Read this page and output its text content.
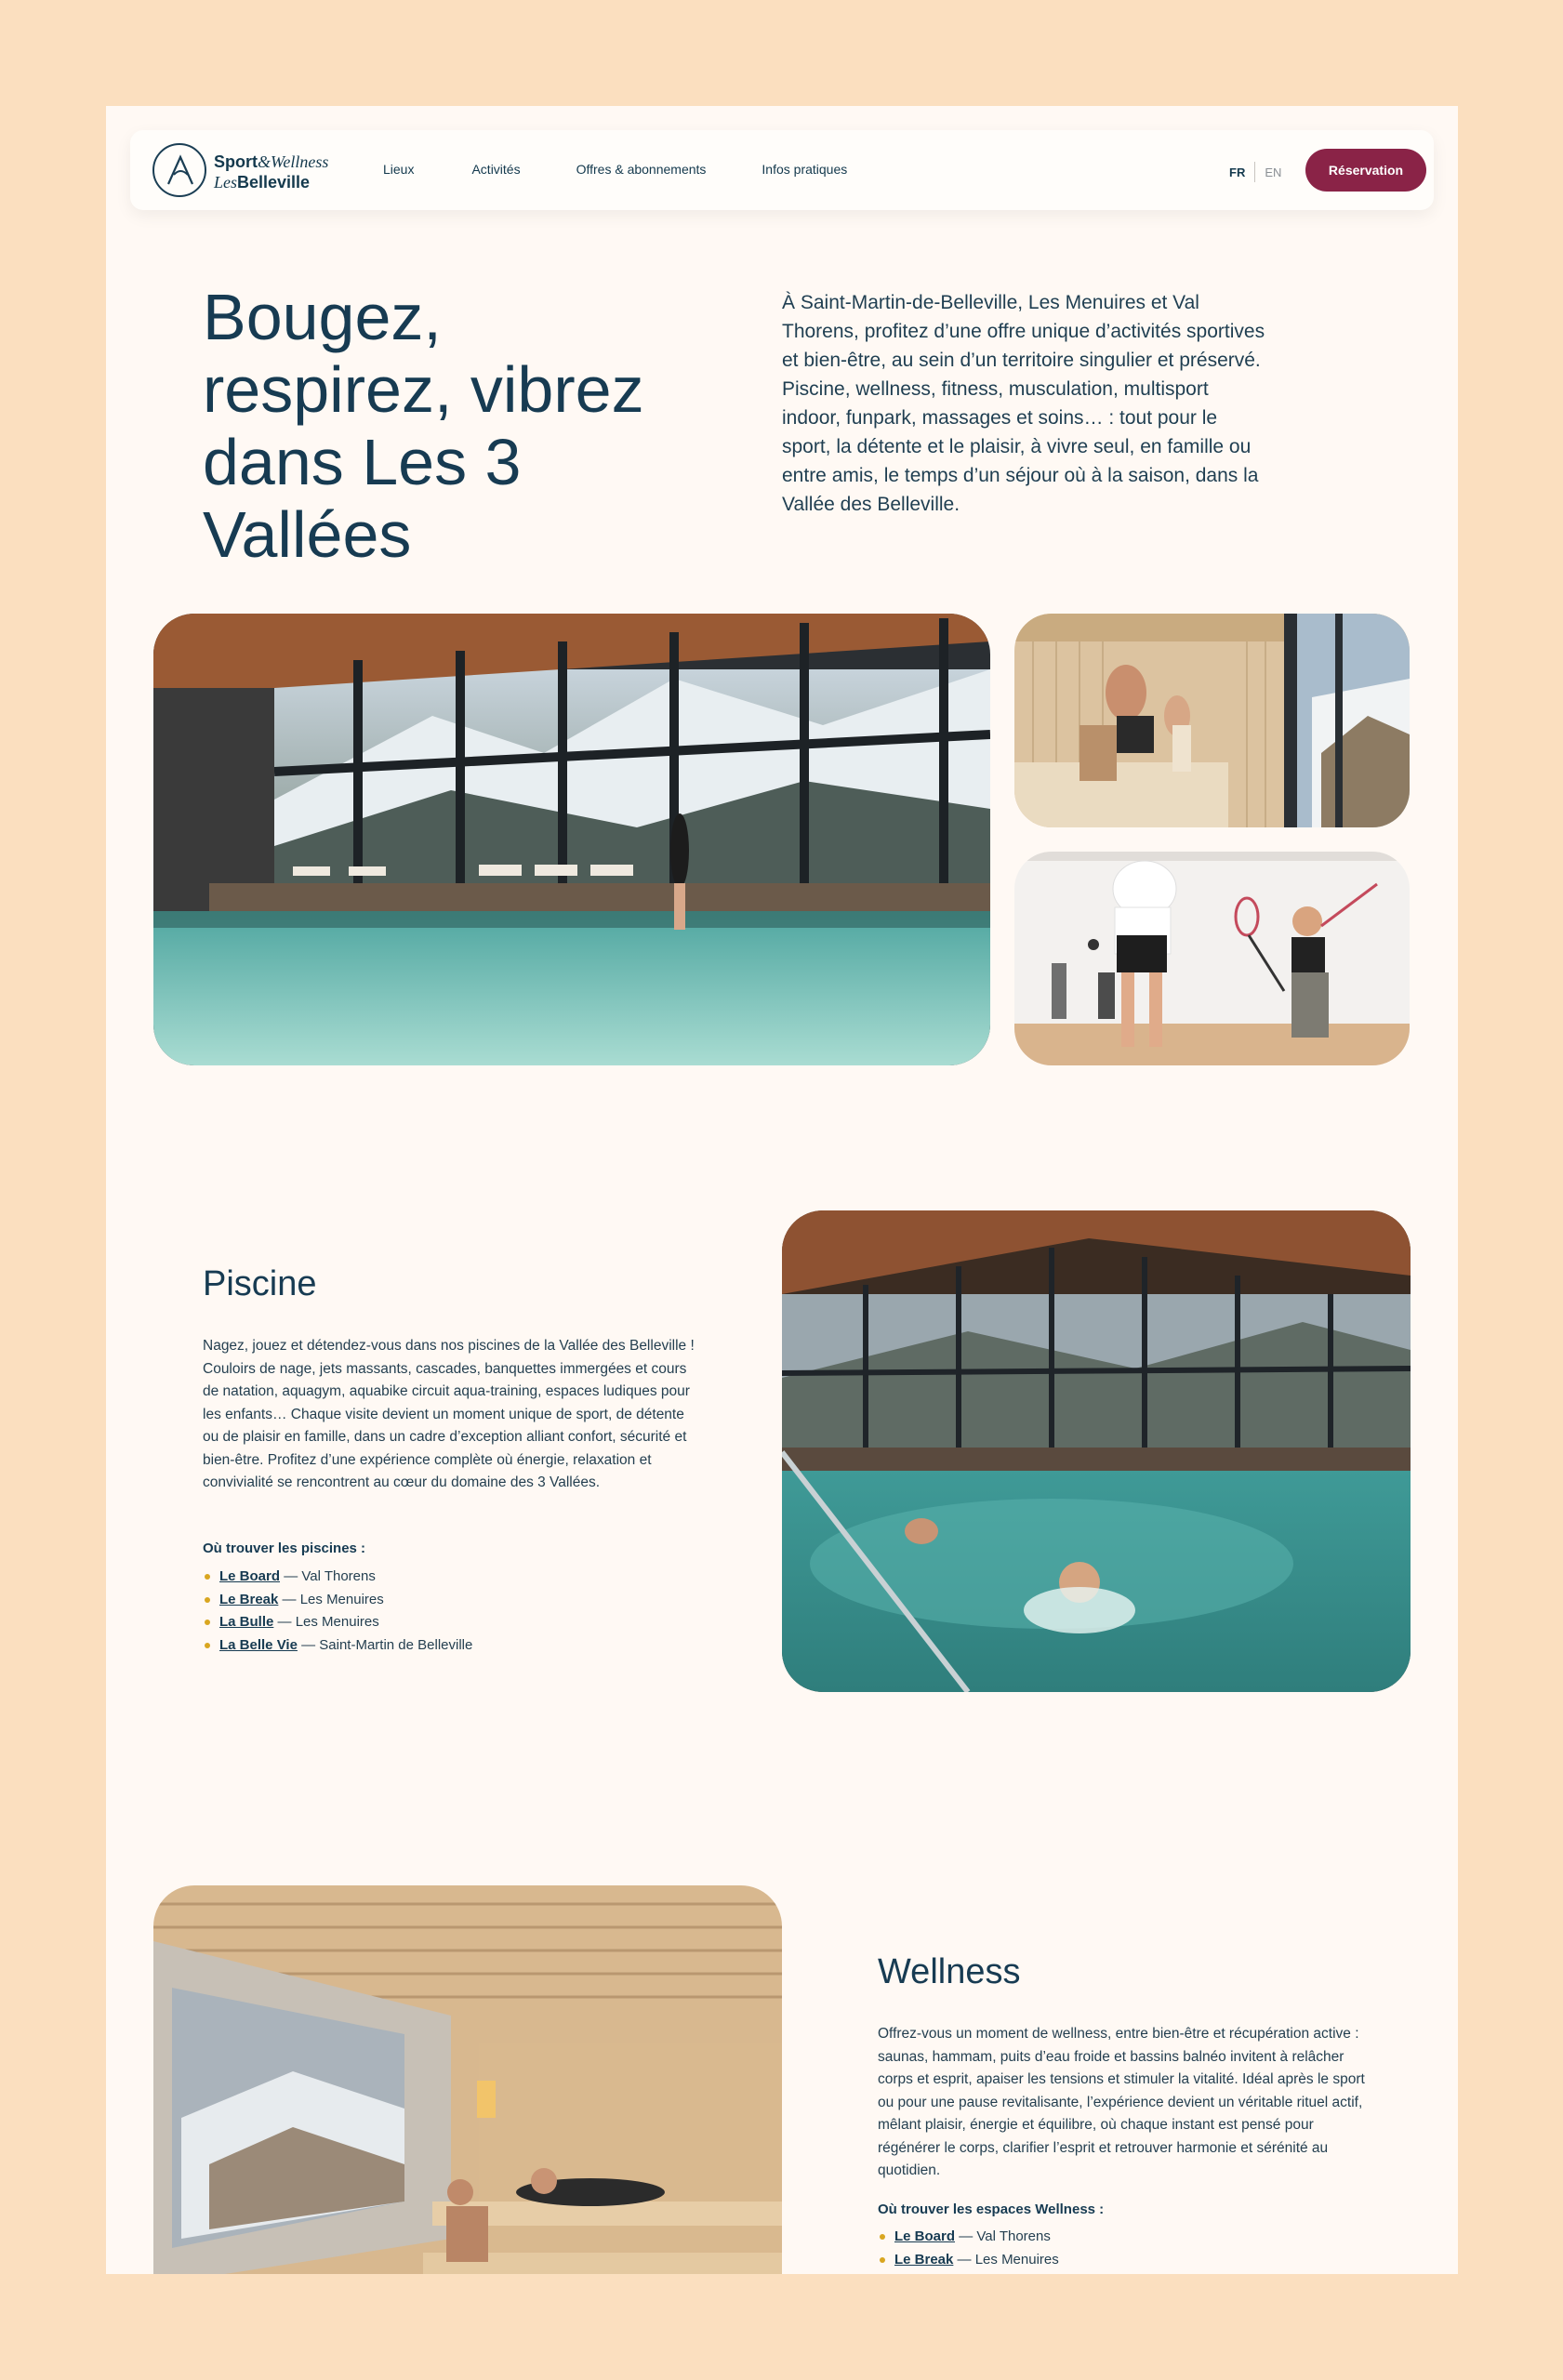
Sport&Wellness
LesBelleville
Lieux	Activités	Offres & abonnements	Infos pratiques	FR EN	Réservation
Bougez, respirez, vibrez dans Les 3 Vallées

À Saint-Martin-de-Belleville, Les Menuires et Val Thorens, profitez d’une offre unique d’activités sportives et bien-être, au sein d’un territoire singulier et préservé. Piscine, wellness, fitness, musculation, multisport indoor, funpark, massages et soins… : tout pour le sport, la détente et le plaisir, à vivre seul, en famille ou entre amis, le temps d’un séjour où à la saison, dans la Vallée des Belleville.

Piscine

Nagez, jouez et détendez-vous dans nos piscines de la Vallée des Belleville ! Couloirs de nage, jets massants, cascades, banquettes immergées et cours de natation, aquagym, aquabike circuit aqua-training, espaces ludiques pour les enfants… Chaque visite devient un moment unique de sport, de détente ou de plaisir en famille, dans un cadre d’exception alliant confort, sécurité et bien-être. Profitez d’une expérience complète où énergie, relaxation et convivialité se rencontrent au cœur du domaine des 3 Vallées.

Où trouver les piscines :

Le Board — Val Thorens
Le Break — Les Menuires
La Bulle — Les Menuires
La Belle Vie — Saint-Martin de Belleville
Wellness

Offrez-vous un moment de wellness, entre bien-être et récupération active : saunas, hammam, puits d’eau froide et bassins balnéo invitent à relâcher corps et esprit, apaiser les tensions et stimuler la vitalité. Idéal après le sport ou pour une pause revitalisante, l’expérience devient un véritable rituel actif, mêlant plaisir, énergie et équilibre, où chaque instant est pensé pour régénérer le corps, clarifier l’esprit et retrouver harmonie et sérénité au quotidien.

Où trouver les espaces Wellness :

Le Board — Val Thorens
Le Break — Les Menuires
